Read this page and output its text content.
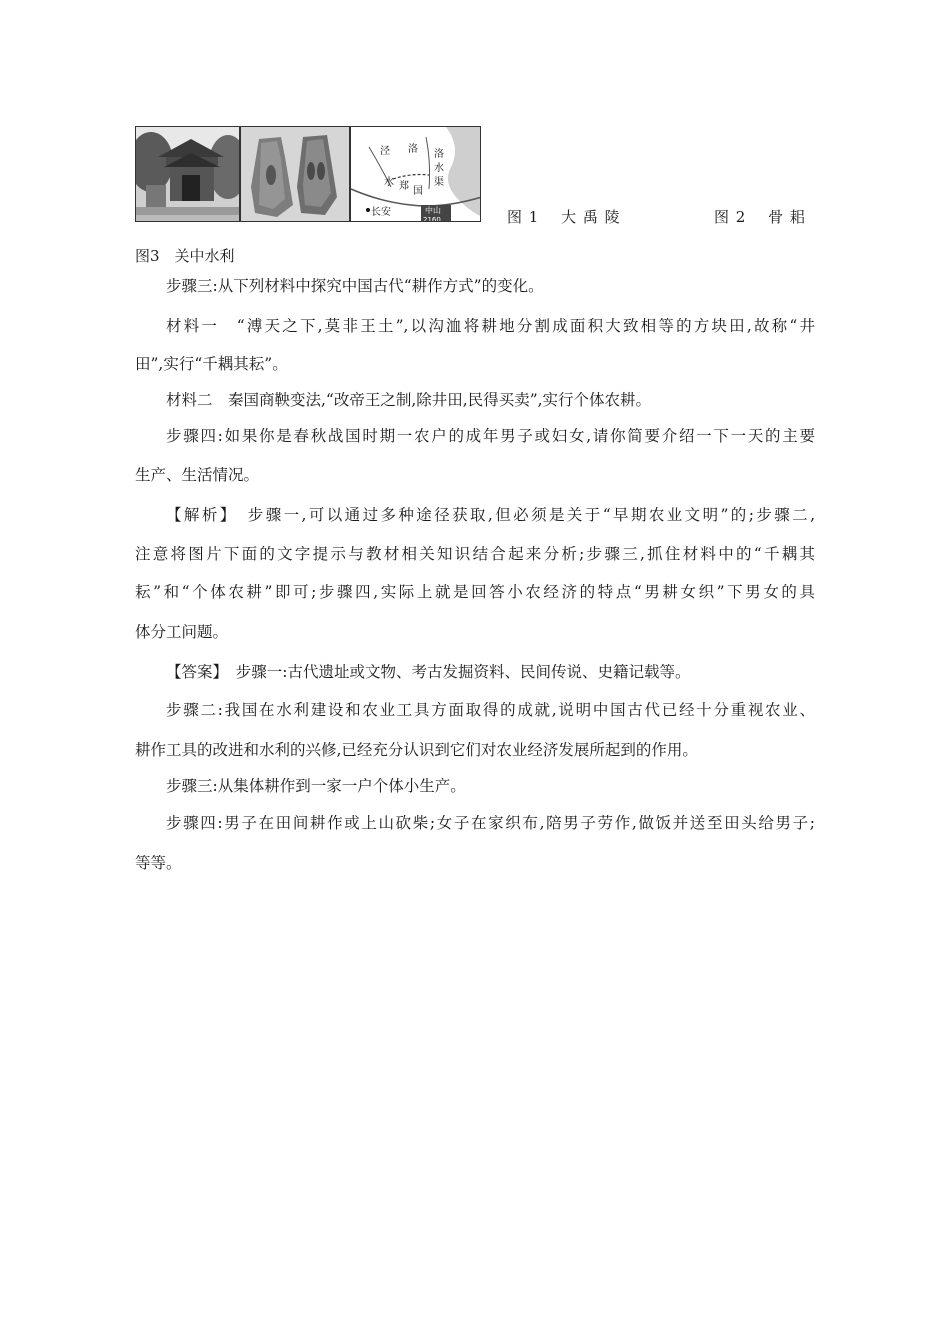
泾 洛 洛
水
渠
水 郑 国
长安	中山
2160	图 1　 大 禹 陵	图 2　 骨 耜
图3　关中水利
步骤三:从下列材料中探究中国古代“耕作方式”的变化。
材料一　“溥天之下,莫非王土”,以沟洫将耕地分割成面积大致相等的方块田,故称“井
田”,实行“千耦其耘”。
材料二　秦国商鞅变法,“改帝王之制,除井田,民得买卖”,实行个体农耕。
步骤四:如果你是春秋战国时期一农户的成年男子或妇女,请你简要介绍一下一天的主要
生产、生活情况。
【解析】　步骤一,可以通过多种途径获取,但必须是关于“早期农业文明”的;步骤二,
注意将图片下面的文字提示与教材相关知识结合起来分析;步骤三,抓住材料中的“千耦其
耘”和“个体农耕”即可;步骤四,实际上就是回答小农经济的特点“男耕女织”下男女的具
体分工问题。
【答案】　步骤一:古代遗址或文物、考古发掘资料、民间传说、史籍记载等。
步骤二:我国在水利建设和农业工具方面取得的成就,说明中国古代已经十分重视农业、
耕作工具的改进和水利的兴修,已经充分认识到它们对农业经济发展所起到的作用。
步骤三:从集体耕作到一家一户个体小生产。
步骤四:男子在田间耕作或上山砍柴;女子在家织布,陪男子劳作,做饭并送至田头给男子;
等等。
